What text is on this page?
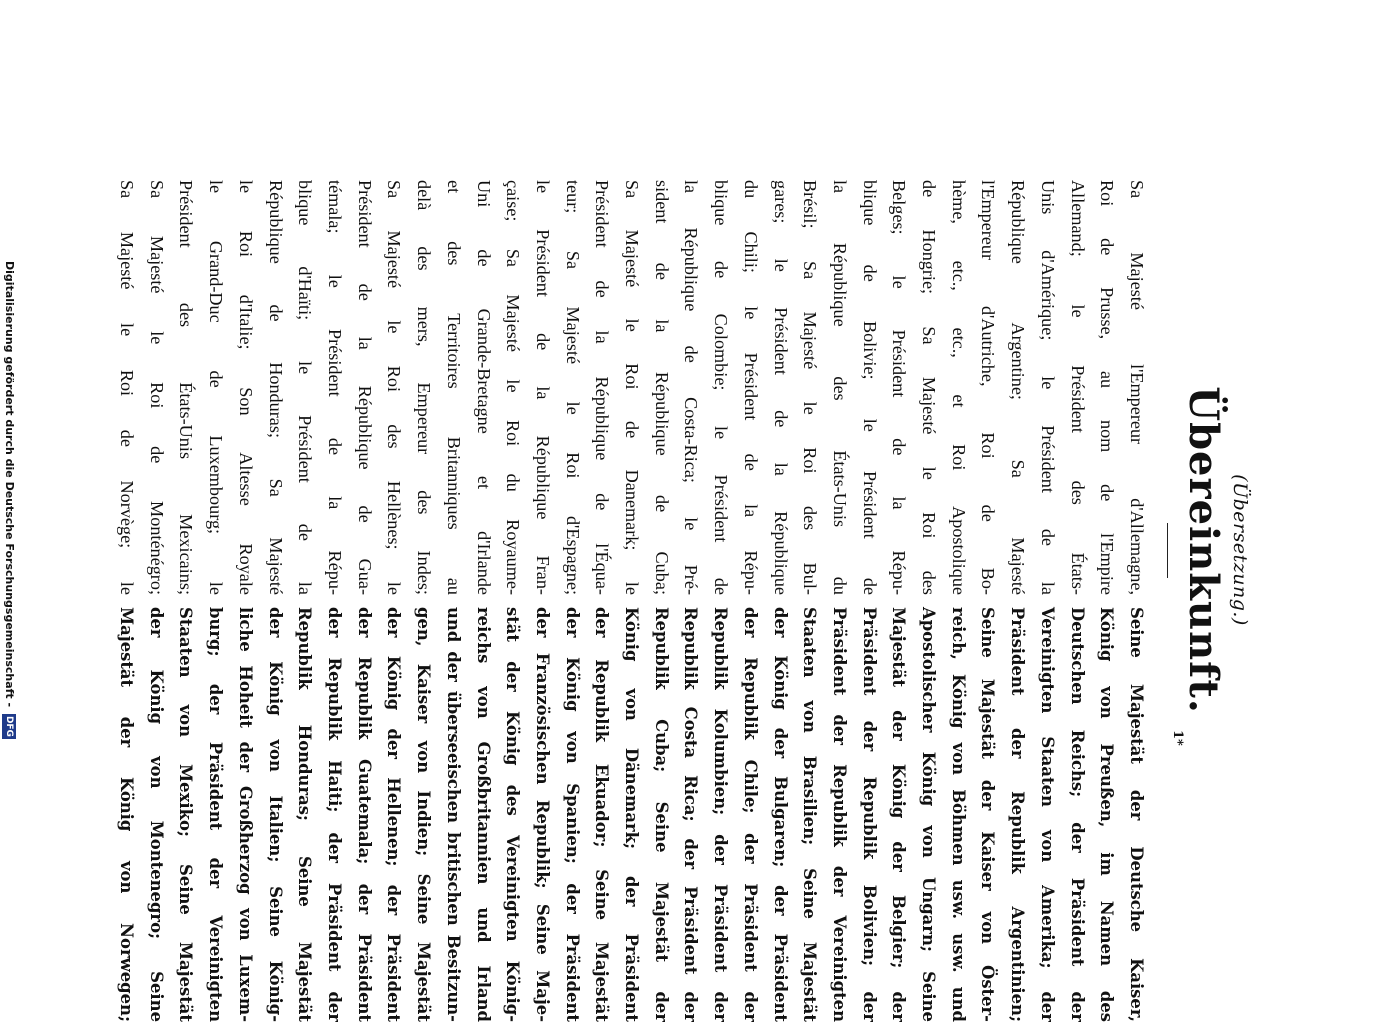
(Übersetzung.)
Übereinkunft.
1*
Sa Majesté l'Empereur d'Allemagne,
Roi de Prusse, au nom de l'Empire
Allemand; le Président des États-
Unis d'Amérique; le Président de la
République Argentine; Sa Majesté
l'Empereur d'Autriche, Roi de Bo-
hème, etc., etc., et Roi Apostolique
de Hongrie; Sa Majesté le Roi des
Belges; le Président de la Répu-
blique de Bolivie; le Président de
la République des États-Unis du
Brésil; Sa Majesté le Roi des Bul-
gares; le Président de la République
du Chili; le Président de la Répu-
blique de Colombie; le Président de
la République de Costa-Rica; le Pré-
sident de la République de Cuba;
Sa Majesté le Roi de Danemark; le
Président de la République de l'Équa-
teur; Sa Majesté le Roi d'Espagne;
le Président de la République Fran-
çaise; Sa Majesté le Roi du Royaume-
Uni de Grande-Bretagne et d'Irlande
et des Territoires Britanniques au
delà des mers, Empereur des Indes;
Sa Majesté le Roi des Hellènes; le
Président de la République de Gua-
témala; le Président de la Répu-
blique d'Haïti; le Président de la
République de Honduras; Sa Majesté
le Roi d'Italie; Son Altesse Royale
le Grand-Duc de Luxembourg; le
Président des États-Unis Mexicains;
Sa Majesté le Roi de Monténégro;
Sa Majesté le Roi de Norvège; le
Seine Majestät der Deutsche Kaiser,
König von Preußen, im Namen des
Deutschen Reichs; der Präsident der
Vereinigten Staaten von Amerika; der
Präsident der Republik Argentinien;
Seine Majestät der Kaiser von Öster-
reich, König von Böhmen usw. usw. und
Apostolischer König von Ungarn; Seine
Majestät der König der Belgier; der
Präsident der Republik Bolivien; der
Präsident der Republik der Vereinigten
Staaten von Brasilien; Seine Majestät
der König der Bulgaren; der Präsident
der Republik Chile; der Präsident der
Republik Kolumbien; der Präsident der
Republik Costa Rica; der Präsident der
Republik Cuba; Seine Majestät der
König von Dänemark; der Präsident
der Republik Ekuador; Seine Majestät
der König von Spanien; der Präsident
der Französischen Republik; Seine Maje-
stät der König des Vereinigten König-
reichs von Großbritannien und Irland
und der überseeischen britischen Besitzun-
gen, Kaiser von Indien; Seine Majestät
der König der Hellenen; der Präsident
der Republik Guatemala; der Präsident
der Republik Haiti; der Präsident der
Republik Honduras; Seine Majestät
der König von Italien; Seine König-
liche Hoheit der Großherzog von Luxem-
burg; der Präsident der Vereinigten
Staaten von Mexiko; Seine Majestät
der König von Montenegro; Seine
Majestät der König von Norwegen;
Digitalisierung gefördert durch die Deutsche Forschungsgemeinschaft - DFG
